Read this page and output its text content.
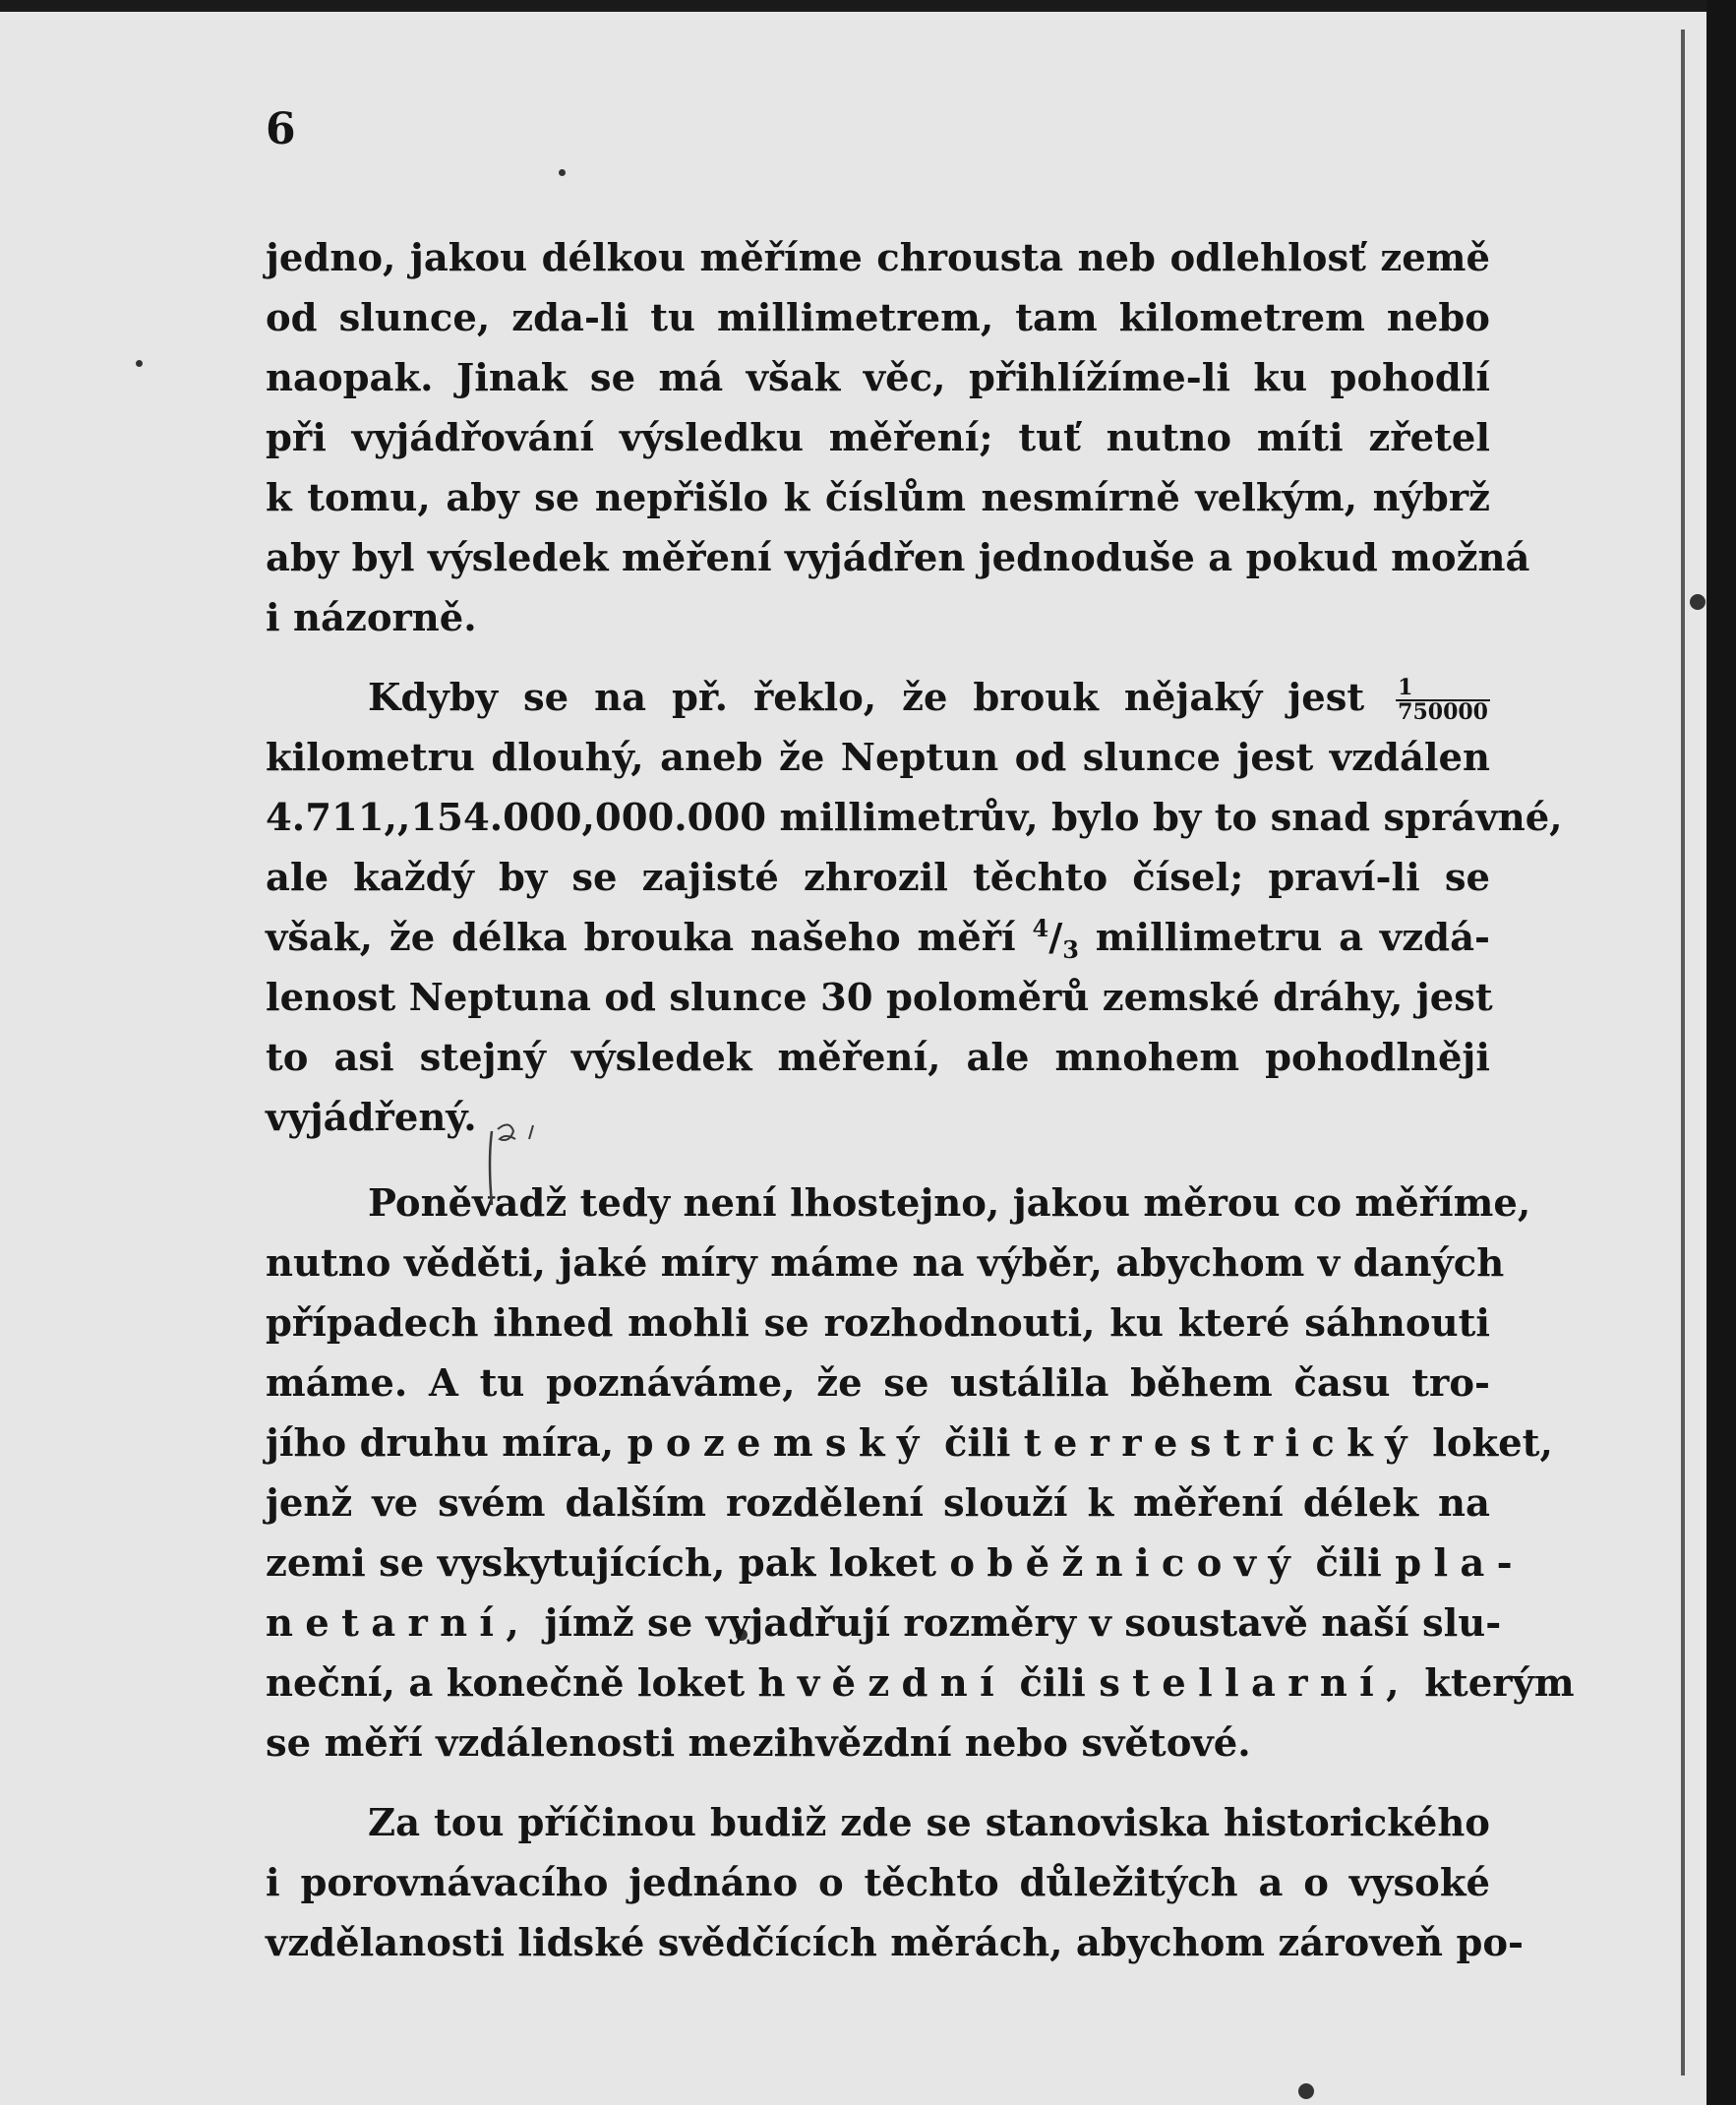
6
jedno, jakou délkou měříme chrousta neb odlehlosť země
od slunce, zda-li tu millimetrem, tam kilometrem nebo
naopak. Jinak se má však věc, přihlížíme-li ku pohodlí
při vyjádřování výsledku měření; tuť nutno míti zřetel
k tomu, aby se nepřišlo k číslům nesmírně velkým, nýbrž
aby byl výsledek měření vyjádřen jednoduše a pokud možná
i názorně.
Kdyby se na př. řeklo, že brouk nějaký jest $\frac{1}{750000}$
kilometru dlouhý, aneb že Neptun od slunce jest vzdálen
4.711,,154.000,000.000 millimetrův, bylo by to snad správné,
ale každý by se zajisté zhrozil těchto čísel; praví-li se
však, že délka brouka našeho měří $^4/_3$ millimetru a vzdá-
lenost Neptuna od slunce 30 poloměrů zemské dráhy, jest
to asi stejný výsledek měření, ale mnohem pohodlněji
vyjádřený.
Poněvadž tedy není lhostejno, jakou měrou co měříme,
nutno věděti, jaké míry máme na výběr, abychom v daných
případech ihned mohli se rozhodnouti, ku které sáhnouti
máme. A tu poznáváme, že se ustálila během času tro-
jího druhu míra, pozemský čili terrestrický loket,
jenž ve svém dalším rozdělení slouží k měření délek na
zemi se vyskytujících, pak loket oběžnicový čili pla-
netarní, jímž se vyjadřují rozměry v soustavě naší slu-
neční, a konečně loket hvězdní čili stellarní, kterým
se měří vzdálenosti mezihvězdní nebo světové.
Za tou příčinou budiž zde se stanoviska historického
i porovnávacího jednáno o těchto důležitých a o vysoké
vzdělanosti lidské svědčících měrách, abychom zároveň po-
